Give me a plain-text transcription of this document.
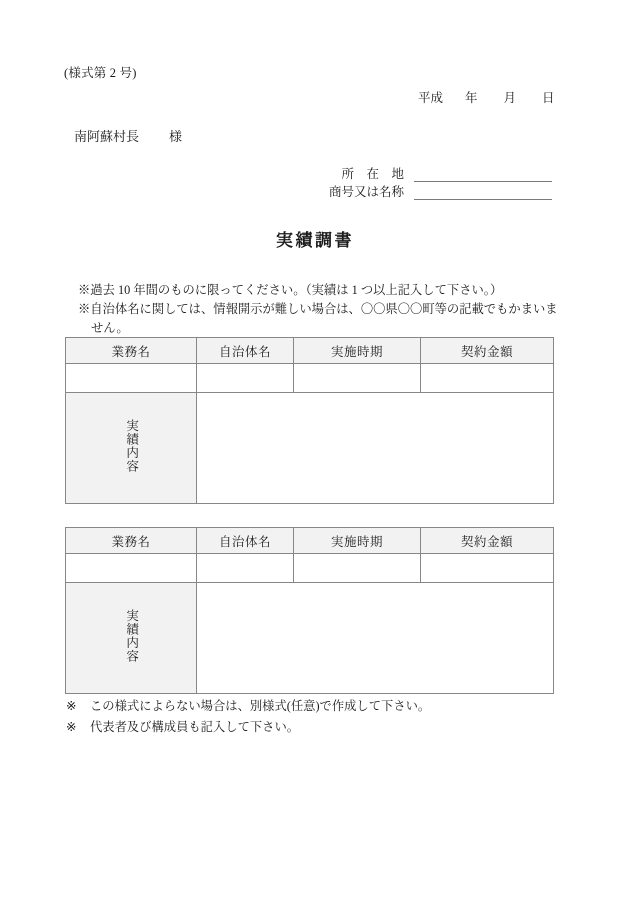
(様式第 2 号)
平成 年 月 日
南阿蘇村長 様
所　在　地
商号又は名称
実績調書
※過去 10 年間のものに限ってください。（実績は 1 つ以上記入して下さい。）
※自治体名に関しては、情報開示が難しい場合は、〇〇県〇〇町等の記載でもかまいま
せん。
業務名	自治体名	実施時期	契約金額

実績内容			
業務名	自治体名	実施時期	契約金額

実績内容			
※	この様式によらない場合は、別様式(任意)で作成して下さい。
※	代表者及び構成員も記入して下さい。
